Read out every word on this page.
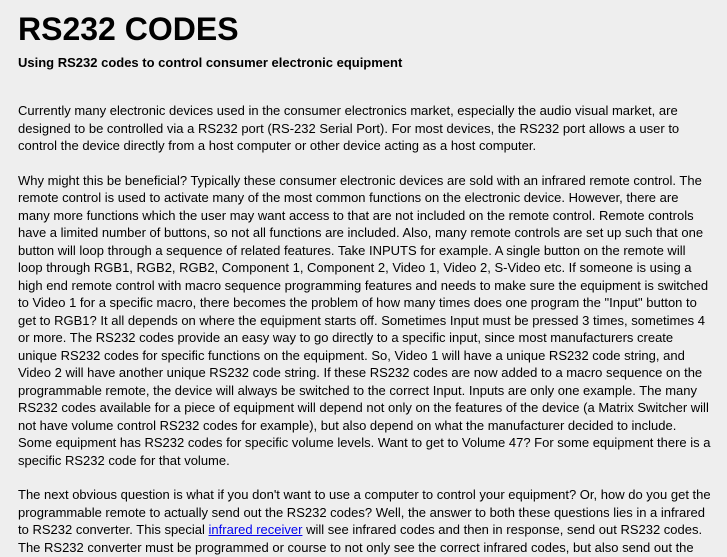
RS232 CODES
Using RS232 codes to control consumer electronic equipment

Currently many electronic devices used in the consumer electronics market, especially the audio visual market, are designed to be controlled via a RS232 port (RS-232 Serial Port). For most devices, the RS232 port allows a user to control the device directly from a host computer or other device acting as a host computer.

Why might this be beneficial? Typically these consumer electronic devices are sold with an infrared remote control. The remote control is used to activate many of the most common functions on the electronic device. However, there are many more functions which the user may want access to that are not included on the remote control. Remote controls have a limited number of buttons, so not all functions are included. Also, many remote controls are set up such that one button will loop through a sequence of related features. Take INPUTS for example. A single button on the remote will loop through RGB1, RGB2, RGB2, Component 1, Component 2, Video 1, Video 2, S-Video etc. If someone is using a high end remote control with macro sequence programming features and needs to make sure the equipment is switched to Video 1 for a specific macro, there becomes the problem of how many times does one program the "Input" button to get to RGB1? It all depends on where the equipment starts off. Sometimes Input must be pressed 3 times, sometimes 4 or more. The RS232 codes provide an easy way to go directly to a specific input, since most manufacturers create unique RS232 codes for specific functions on the equipment. So, Video 1 will have a unique RS232 code string, and Video 2 will have another unique RS232 code string. If these RS232 codes are now added to a macro sequence on the programmable remote, the device will always be switched to the correct Input. Inputs are only one example. The many RS232 codes available for a piece of equipment will depend not only on the features of the device (a Matrix Switcher will not have volume control RS232 codes for example), but also depend on what the manufacturer decided to include. Some equipment has RS232 codes for specific volume levels. Want to get to Volume 47? For some equipment there is a specific RS232 code for that volume.

The next obvious question is what if you don't want to use a computer to control your equipment? Or, how do you get the programmable remote to actually send out the RS232 codes? Well, the answer to both these questions lies in a infrared to RS232 converter. This special infrared receiver will see infrared codes and then in response, send out RS232 codes. The RS232 converter must be programmed or course to not only see the correct infrared codes, but also send out the
